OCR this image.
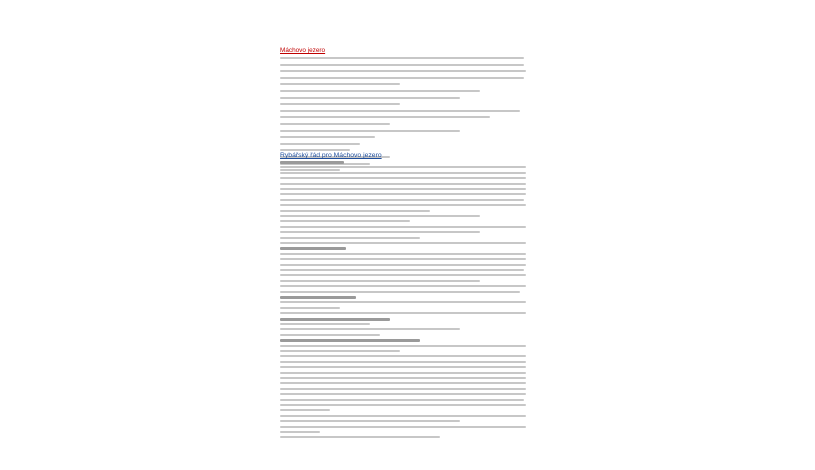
Máchovo jezero
Rybářský řád pro Máchovo jezero
